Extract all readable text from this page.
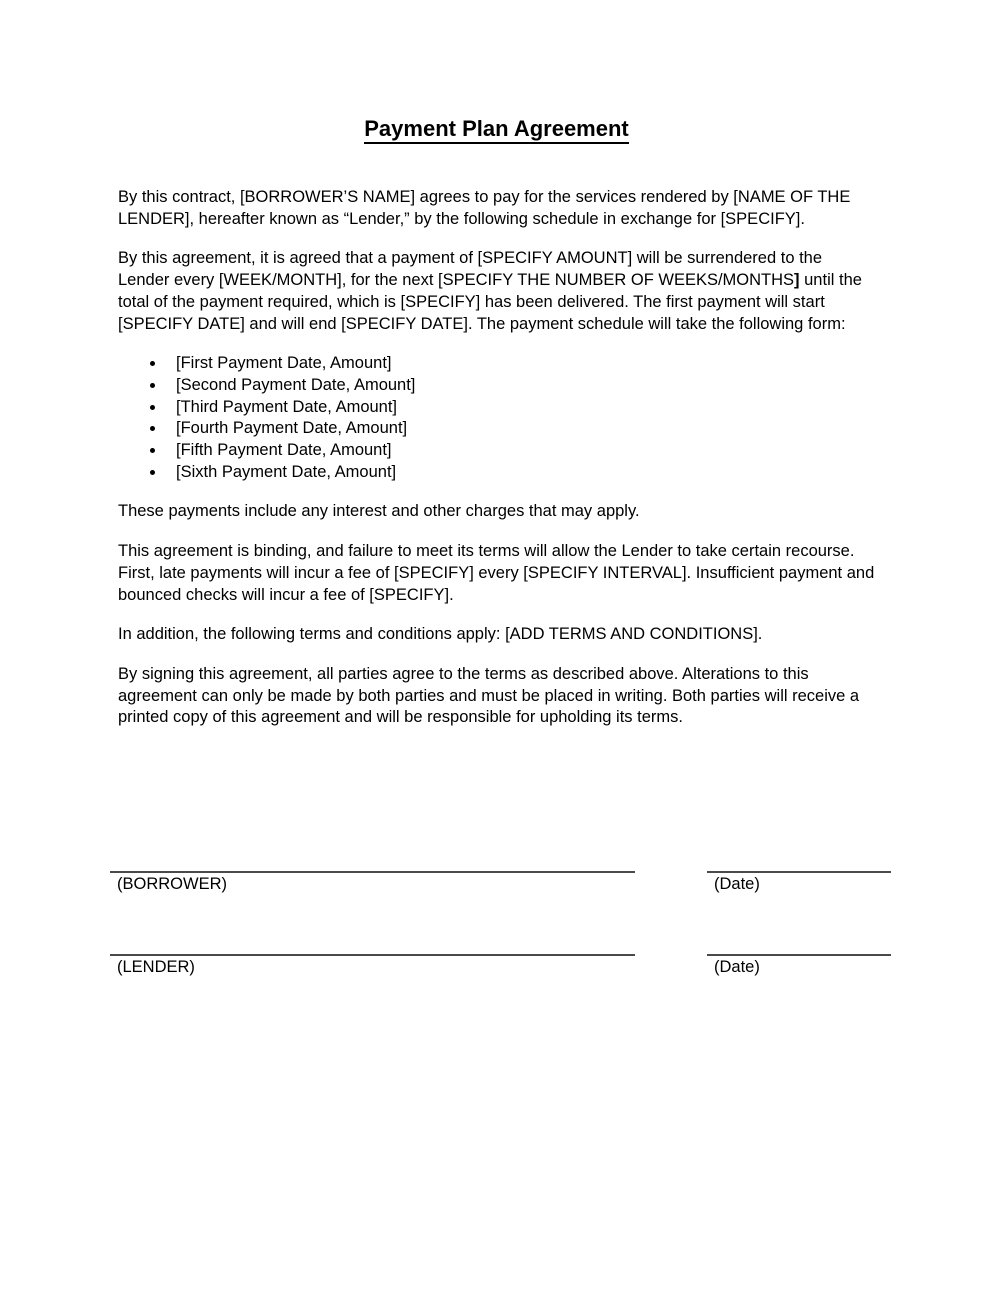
Payment Plan Agreement

By this contract, [BORROWER’S NAME] agrees to pay for the services rendered by [NAME OF THE LENDER], hereafter known as “Lender,” by the following schedule in exchange for [SPECIFY].

By this agreement, it is agreed that a payment of [SPECIFY AMOUNT] will be surrendered to the Lender every [WEEK/MONTH], for the next [SPECIFY THE NUMBER OF WEEKS/MONTHS] until the total of the payment required, which is [SPECIFY] has been delivered. The first payment will start [SPECIFY DATE] and will end [SPECIFY DATE]. The payment schedule will take the following form:

[First Payment Date, Amount]
[Second Payment Date, Amount]
[Third Payment Date, Amount]
[Fourth Payment Date, Amount]
[Fifth Payment Date, Amount]
[Sixth Payment Date, Amount]

These payments include any interest and other charges that may apply.

This agreement is binding, and failure to meet its terms will allow the Lender to take certain recourse. First, late payments will incur a fee of [SPECIFY] every [SPECIFY INTERVAL]. Insufficient payment and bounced checks will incur a fee of [SPECIFY].

In addition, the following terms and conditions apply: [ADD TERMS AND CONDITIONS].

By signing this agreement, all parties agree to the terms as described above. Alterations to this agreement can only be made by both parties and must be placed in writing. Both parties will receive a printed copy of this agreement and will be responsible for upholding its terms.

(BORROWER)	(Date)
(LENDER)	(Date)
